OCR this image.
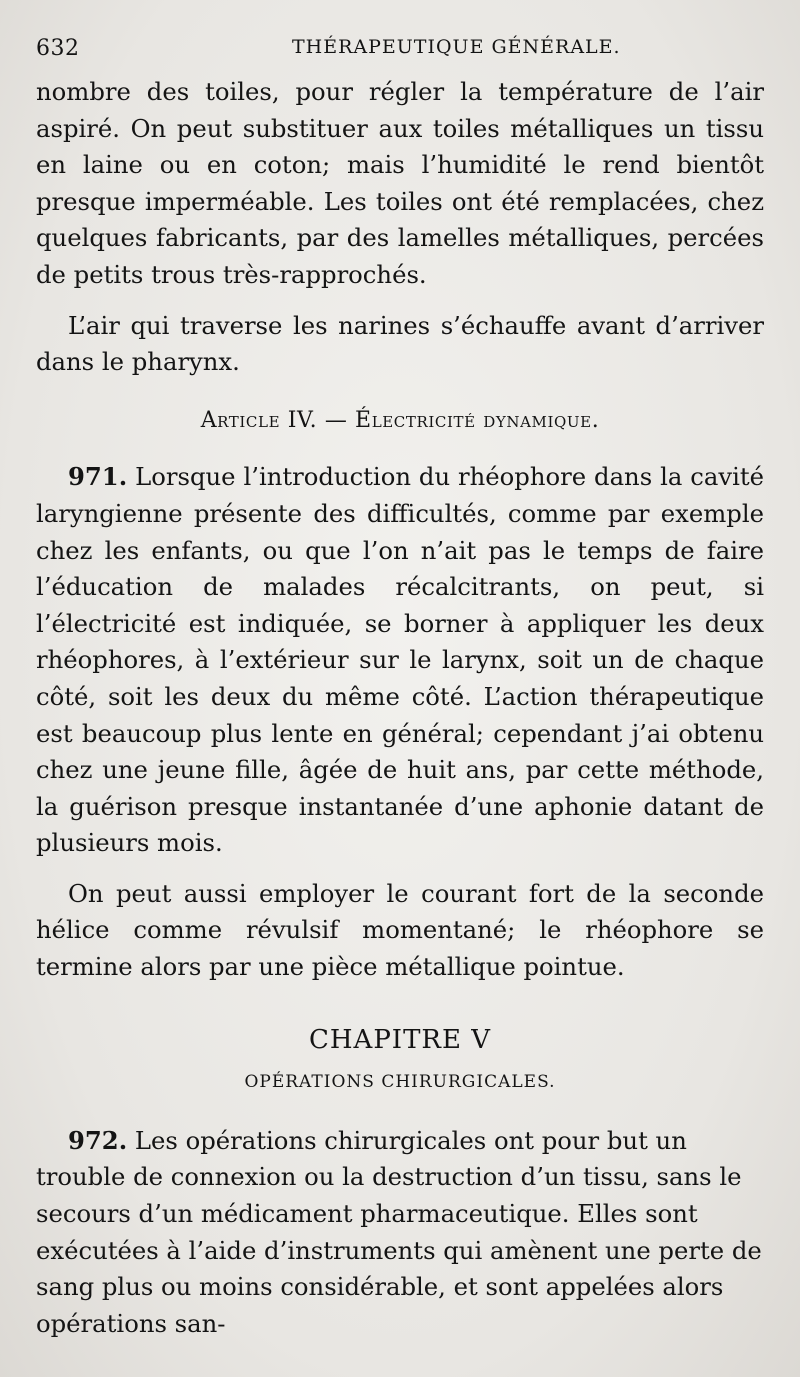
632	THÉRAPEUTIQUE GÉNÉRALE.

nombre des toiles, pour régler la température de l’air aspiré. On peut substituer aux toiles métalliques un tissu en laine ou en coton; mais l’humidité le rend bientôt presque imperméable. Les toiles ont été remplacées, chez quelques fabricants, par des lamelles métalliques, percées de petits trous très-rapprochés.

L’air qui traverse les narines s’échauffe avant d’arriver dans le pharynx.

Article IV. — Électricité dynamique.

971. Lorsque l’introduction du rhéophore dans la cavité laryngienne présente des difficultés, comme par exemple chez les enfants, ou que l’on n’ait pas le temps de faire l’éducation de malades récalcitrants, on peut, si l’électricité est indiquée, se borner à appliquer les deux rhéophores, à l’extérieur sur le larynx, soit un de chaque côté, soit les deux du même côté. L’action thérapeutique est beaucoup plus lente en général; cependant j’ai obtenu chez une jeune fille, âgée de huit ans, par cette méthode, la guérison presque instantanée d’une aphonie datant de plusieurs mois.

On peut aussi employer le courant fort de la seconde hélice comme révulsif momentané; le rhéophore se termine alors par une pièce métallique pointue.

CHAPITRE V
OPÉRATIONS CHIRURGICALES.

972. Les opérations chirurgicales ont pour but un trouble de connexion ou la destruction d’un tissu, sans le secours d’un médicament pharmaceutique. Elles sont exécutées à l’aide d’instruments qui amènent une perte de sang plus ou moins considérable, et sont appelées alors opérations san-
